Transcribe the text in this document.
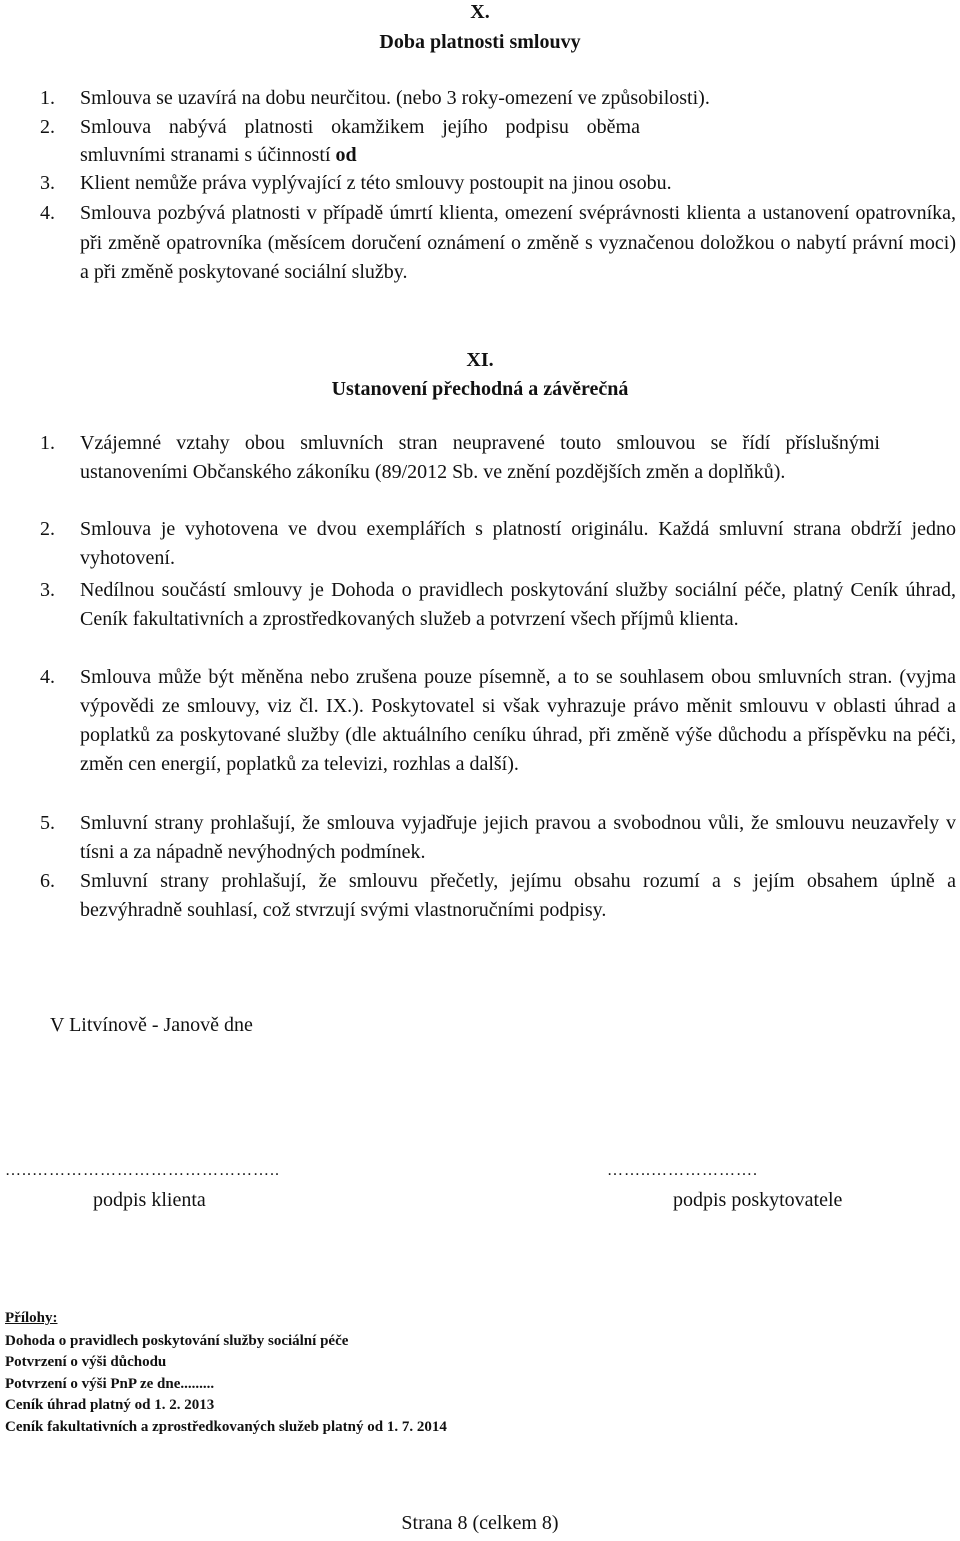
X.
Doba platnosti smlouvy
1.	Smlouva se uzavírá na dobu neurčitou. (nebo 3 roky-omezení ve způsobilosti).
2.	Smlouva nabývá platnosti okamžikem jejího podpisu oběma smluvními stranami s účinností od
3.	Klient nemůže práva vyplývající z této smlouvy postoupit na jinou osobu.
4.	Smlouva pozbývá platnosti v případě úmrtí klienta, omezení svéprávnosti klienta a ustanovení opatrovníka, při změně opatrovníka (měsícem doručení oznámení o změně s vyznačenou doložkou o nabytí právní moci) a při změně poskytované sociální služby.
XI.
Ustanovení přechodná a závěrečná
1.	Vzájemné vztahy obou smluvních stran neupravené touto smlouvou se řídí příslušnými ustanoveními Občanského zákoníku (89/2012 Sb. ve znění pozdějších změn a doplňků).
2.	Smlouva je vyhotovena ve dvou exemplářích s platností originálu. Každá smluvní strana obdrží jedno vyhotovení.
3.	Nedílnou součástí smlouvy je Dohoda o pravidlech poskytování služby sociální péče, platný Ceník úhrad, Ceník fakultativních a zprostředkovaných služeb a potvrzení všech příjmů klienta.
4.	Smlouva může být měněna nebo zrušena pouze písemně, a to se souhlasem obou smluvních stran. (vyjma výpovědi ze smlouvy, viz čl. IX.). Poskytovatel si však vyhrazuje právo měnit smlouvu v oblasti úhrad a poplatků za poskytované služby (dle aktuálního ceníku úhrad, při změně výše důchodu a příspěvku na péči, změn cen energií, poplatků za televizi, rozhlas a další).
5.	Smluvní strany prohlašují, že smlouva vyjadřuje jejich pravou a svobodnou vůli, že smlouvu neuzavřely v tísni a za nápadně nevýhodných podmínek.
6.	Smluvní strany prohlašují, že smlouvu přečetly, jejímu obsahu rozumí a s jejím obsahem úplně a bezvýhradně souhlasí, což stvrzují svými vlastnoručními podpisy.
V Litvínově - Janově dne
…..……………………………………..
podpis klienta
……..……………….
podpis poskytovatele
Přílohy:
Dohoda o pravidlech poskytování služby sociální péče
Potvrzení o výši důchodu
Potvrzení o výši PnP ze dne.........
Ceník úhrad platný od 1. 2. 2013
Ceník fakultativních a zprostředkovaných služeb platný od 1. 7. 2014
Strana 8 (celkem 8)
